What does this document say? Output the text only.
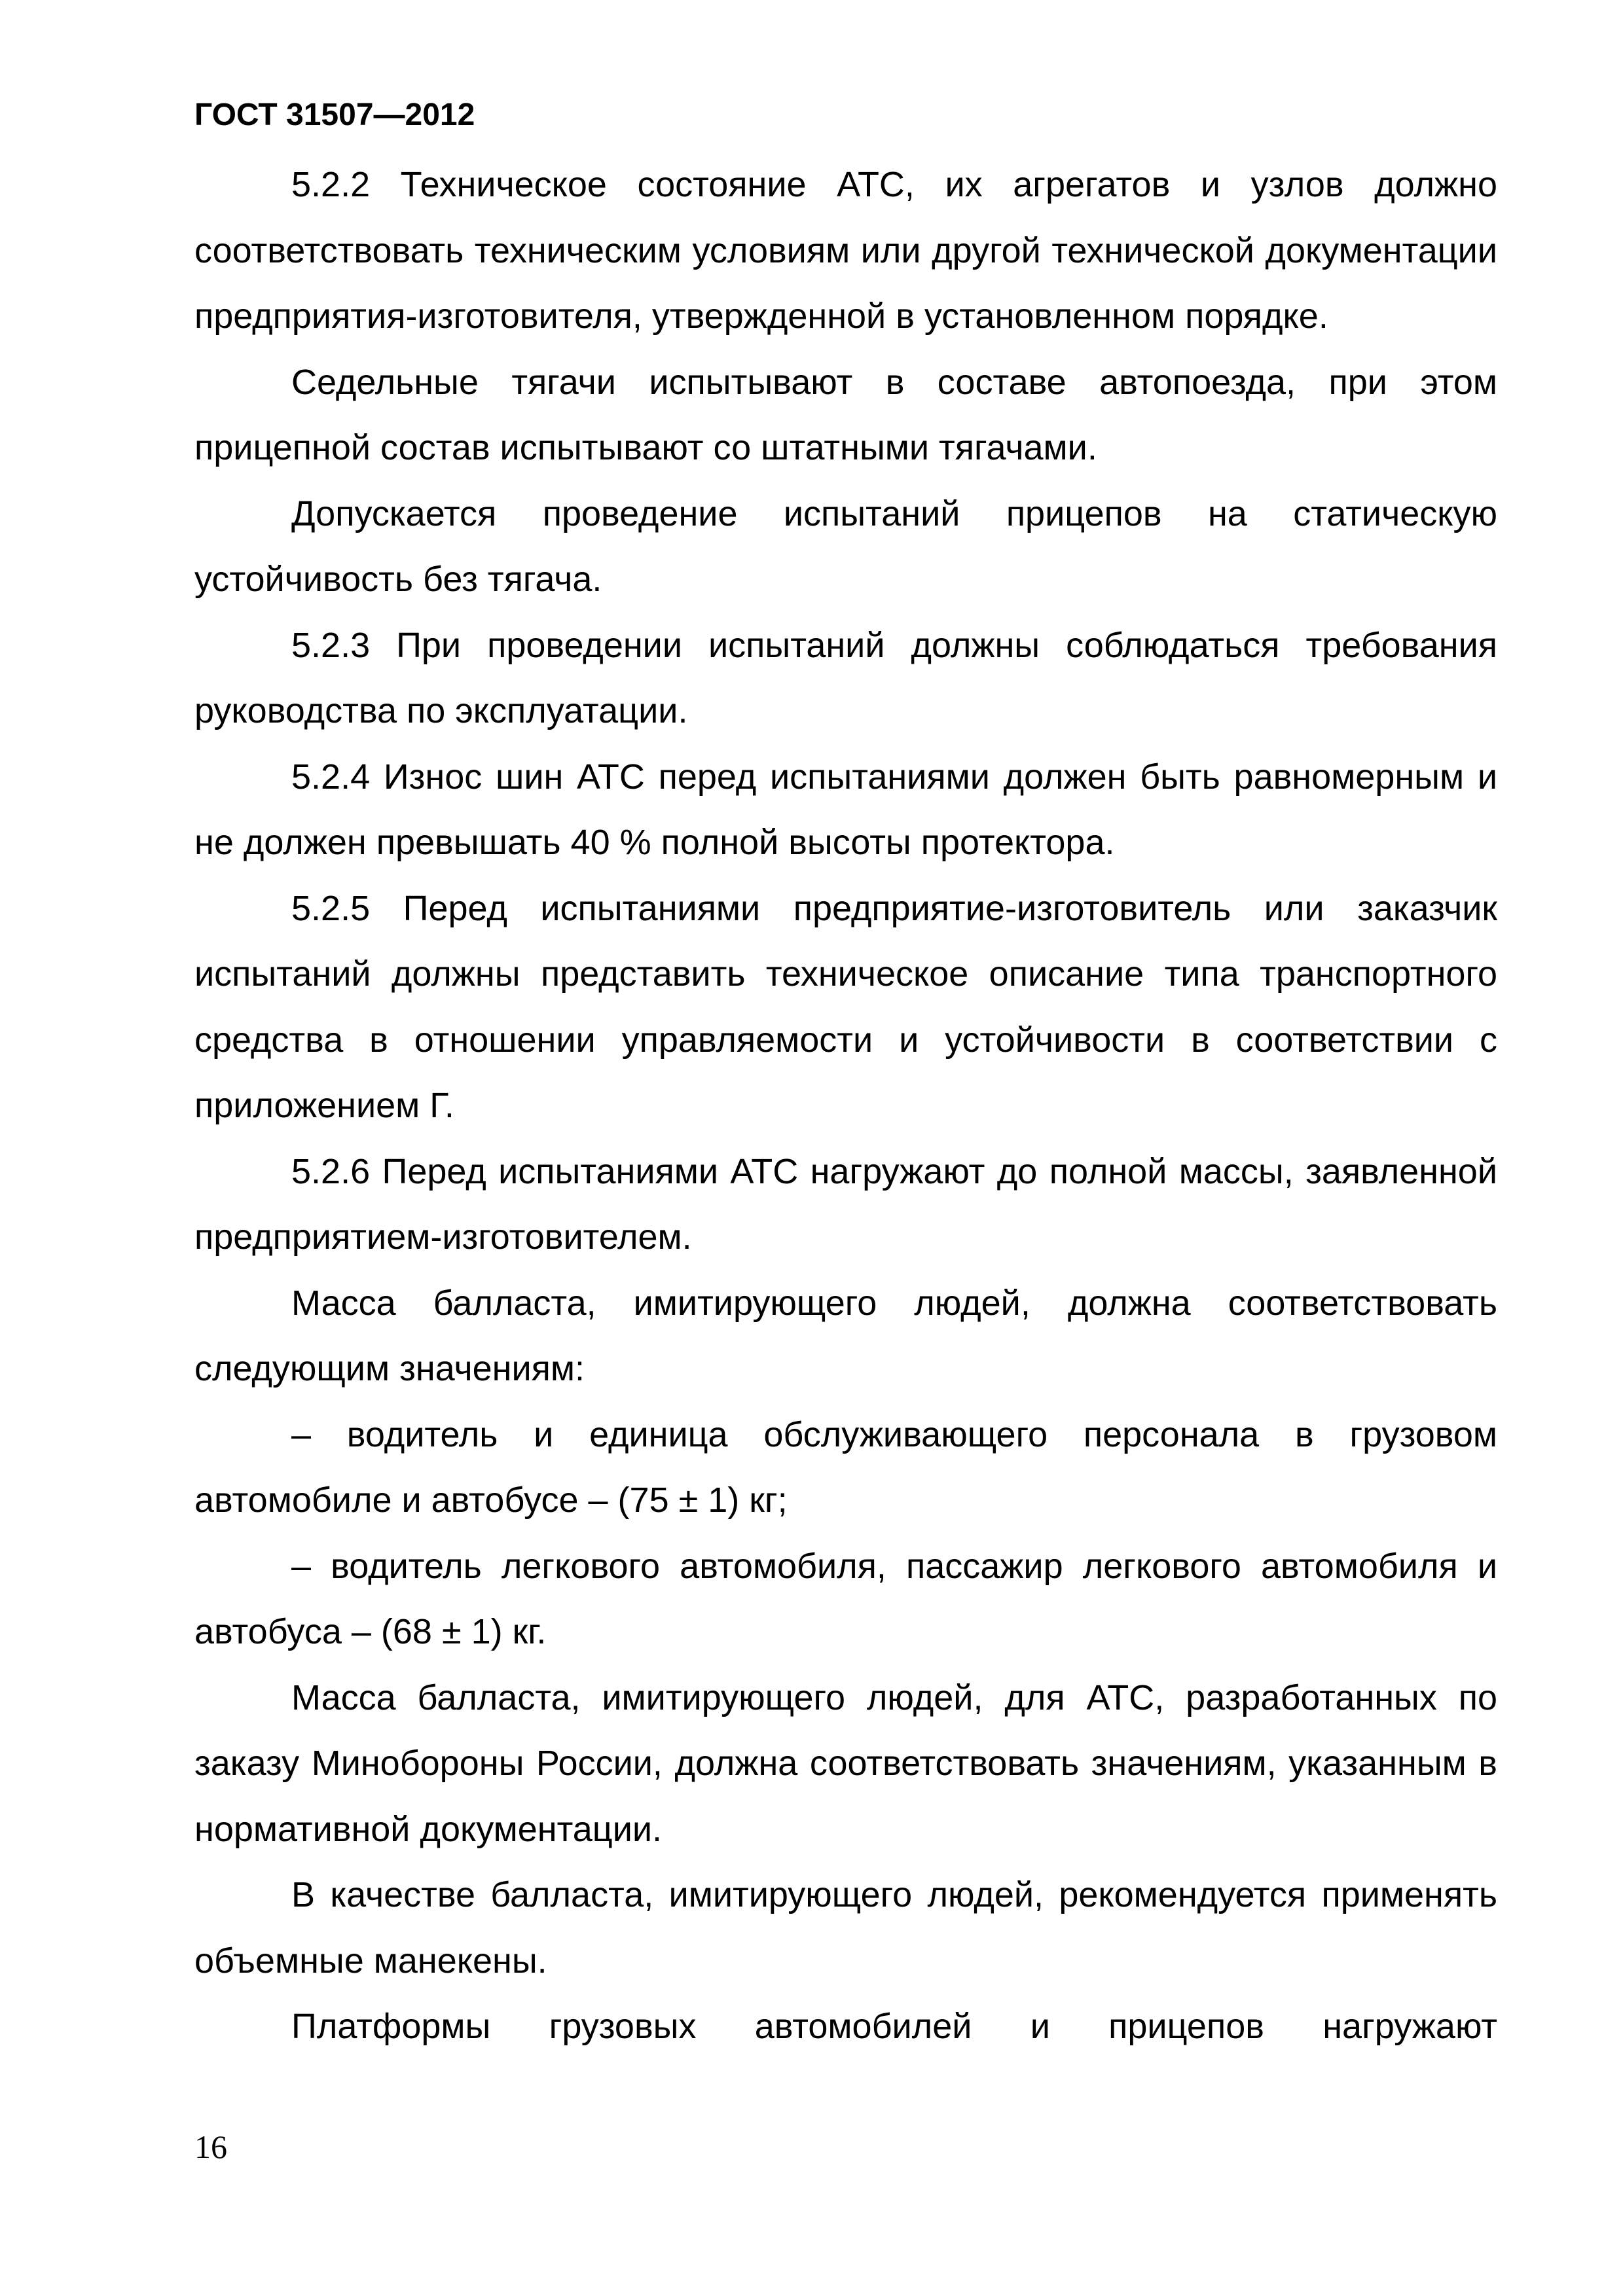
ГОСТ 31507—2012

5.2.2 Техническое состояние АТС, их агрегатов и узлов должно соответствовать техническим условиям или другой технической документации предприятия-изготовителя, утвержденной в установленном порядке.

Седельные тягачи испытывают в составе автопоезда, при этом прицепной состав испытывают со штатными тягачами.

Допускается проведение испытаний прицепов на статическую устойчивость без тягача.

5.2.3 При проведении испытаний должны соблюдаться требования руководства по эксплуатации.

5.2.4 Износ шин АТС перед испытаниями должен быть равномерным и не должен превышать 40 % полной высоты протектора.

5.2.5 Перед испытаниями предприятие-изготовитель или заказчик испытаний должны представить техническое описание типа транспортного средства в отношении управляемости и устойчивости в соответствии с приложением Г.

5.2.6 Перед испытаниями АТС нагружают до полной массы, заявленной предприятием-изготовителем.

Масса балласта, имитирующего людей, должна соответствовать следующим значениям:

– водитель и единица обслуживающего персонала в грузовом автомобиле и автобусе – (75 ± 1) кг;

– водитель легкового автомобиля, пассажир легкового автомобиля и автобуса – (68 ± 1) кг.

Масса балласта, имитирующего людей, для АТС, разработанных по заказу Минобороны России, должна соответствовать значениям, указанным в нормативной документации.

В качестве балласта, имитирующего людей, рекомендуется применять объемные манекены.

Платформы грузовых автомобилей и прицепов нагружают

16
